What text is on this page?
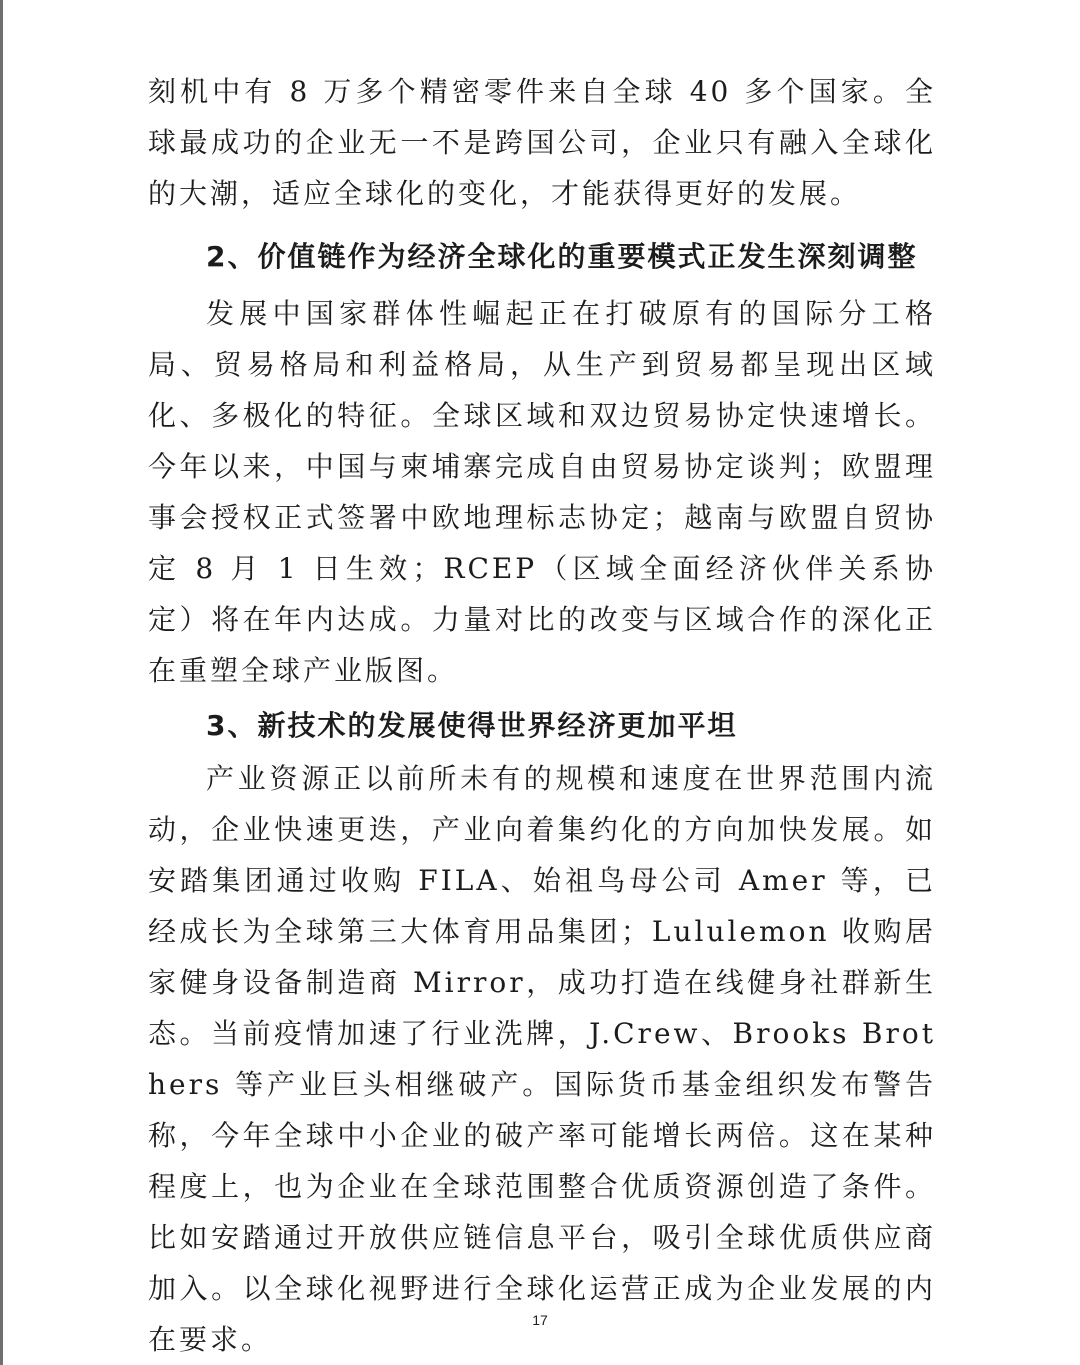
刻机中有 8 万多个精密零件来自全球 40 多个国家。全球最成功的企业无一不是跨国公司，企业只有融入全球化的大潮，适应全球化的变化，才能获得更好的发展。

2、价值链作为经济全球化的重要模式正发生深刻调整

发展中国家群体性崛起正在打破原有的国际分工格局、贸易格局和利益格局，从生产到贸易都呈现出区域化、多极化的特征。全球区域和双边贸易协定快速增长。今年以来，中国与柬埔寨完成自由贸易协定谈判；欧盟理事会授权正式签署中欧地理标志协定；越南与欧盟自贸协定 8 月 1 日生效；RCEP（区域全面经济伙伴关系协定）将在年内达成。力量对比的改变与区域合作的深化正在重塑全球产业版图。

3、新技术的发展使得世界经济更加平坦

产业资源正以前所未有的规模和速度在世界范围内流动，企业快速更迭，产业向着集约化的方向加快发展。如安踏集团通过收购 FILA、始祖鸟母公司 Amer 等，已经成长为全球第三大体育用品集团；Lululemon 收购居家健身设备制造商 Mirror，成功打造在线健身社群新生态。当前疫情加速了行业洗牌，J.Crew、Brooks Brothers 等产业巨头相继破产。国际货币基金组织发布警告称，今年全球中小企业的破产率可能增长两倍。这在某种程度上，也为企业在全球范围整合优质资源创造了条件。比如安踏通过开放供应链信息平台，吸引全球优质供应商加入。以全球化视野进行全球化运营正成为企业发展的内在要求。

17
